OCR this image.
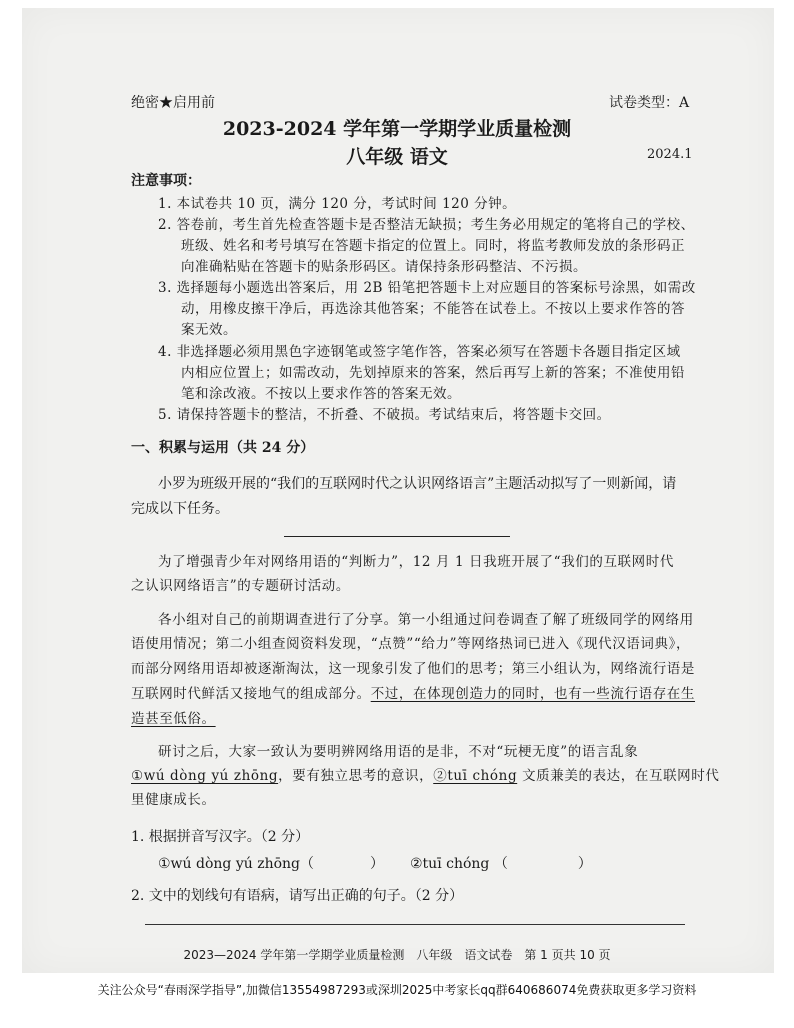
绝密★启用前	试卷类型：A
2023-2024 学年第一学期学业质量检测
八年级 语文	2024.1
注意事项：
1. 本试卷共 10 页，满分 120 分，考试时间 120 分钟。
2. 答卷前，考生首先检查答题卡是否整洁无缺损；考生务必用规定的笔将自己的学校、
班级、姓名和考号填写在答题卡指定的位置上。同时，将监考教师发放的条形码正
向准确粘贴在答题卡的贴条形码区。请保持条形码整洁、不污损。
3. 选择题每小题选出答案后，用 2B 铅笔把答题卡上对应题目的答案标号涂黑，如需改
动，用橡皮擦干净后，再选涂其他答案；不能答在试卷上。不按以上要求作答的答
案无效。
4. 非选择题必须用黑色字迹钢笔或签字笔作答，答案必须写在答题卡各题目指定区域
内相应位置上；如需改动，先划掉原来的答案，然后再写上新的答案；不准使用铅
笔和涂改液。不按以上要求作答的答案无效。
5. 请保持答题卡的整洁，不折叠、不破损。考试结束后，将答题卡交回。
一、积累与运用（共 24 分）
小罗为班级开展的“我们的互联网时代之认识网络语言”主题活动拟写了一则新闻，请
完成以下任务。
为了增强青少年对网络用语的“判断力”，12 月 1 日我班开展了“我们的互联网时代
之认识网络语言”的专题研讨活动。
各小组对自己的前期调查进行了分享。第一小组通过问卷调查了解了班级同学的网络用
语使用情况；第二小组查阅资料发现，“点赞”“给力”等网络热词已进入《现代汉语词典》，
而部分网络用语却被逐渐淘汰，这一现象引发了他们的思考；第三小组认为，网络流行语是
互联网时代鲜活又接地气的组成部分。不过，在体现创造力的同时，也有一些流行语存在生
造甚至低俗。
研讨之后，大家一致认为要明辨网络用语的是非，不对“玩梗无度”的语言乱象
①wú dòng yú zhōng，要有独立思考的意识，②tuī chóng 文质兼美的表达，在互联网时代
里健康成长。
1. 根据拼音写汉字。（2 分）
①wú dòng yú zhōng（	） ②tuī chóng （	）
2. 文中的划线句有语病，请写出正确的句子。（2 分）
2023—2024 学年第一学期学业质量检测　八年级　语文试卷　第 1 页共 10 页
关注公众号“春雨深学指导”,加微信13554987293或深圳2025中考家长qq群640686074免费获取更多学习资料
